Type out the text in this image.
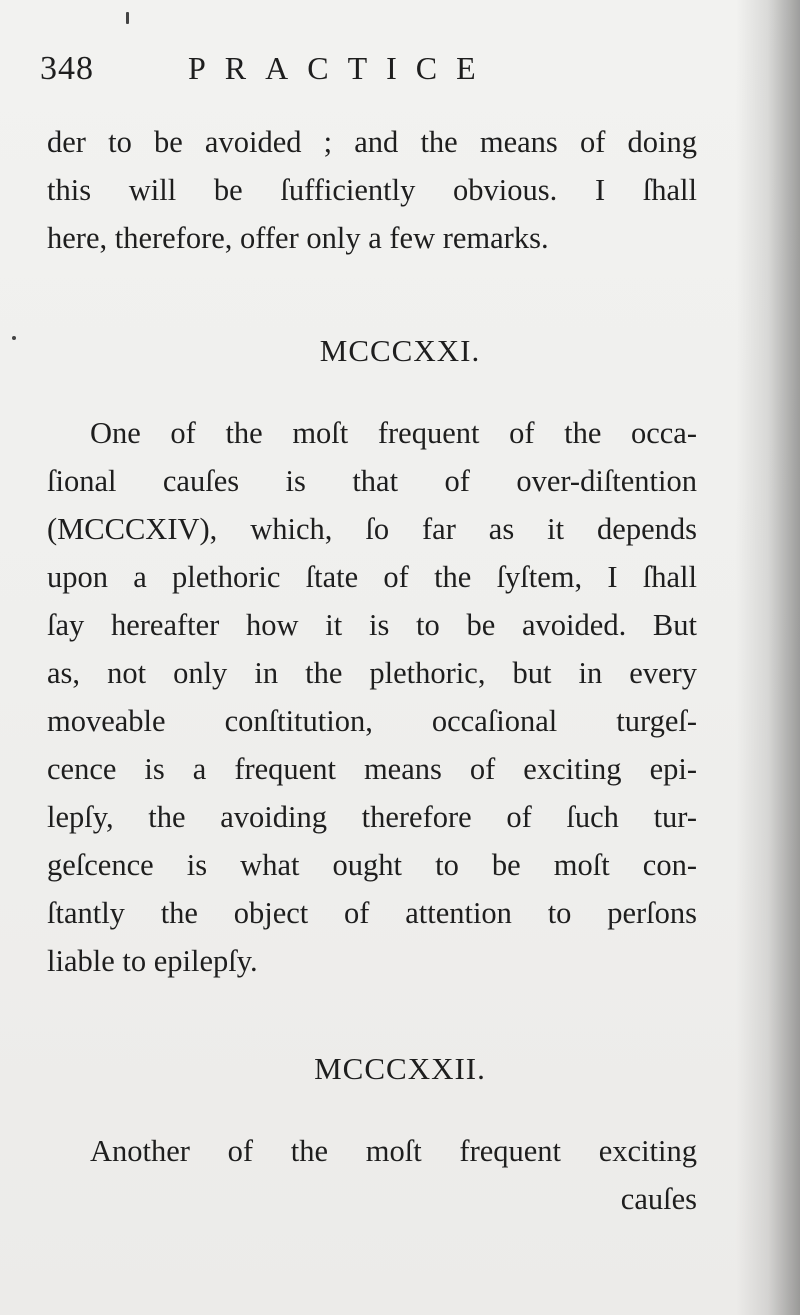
348	PRACTICE
der to be avoided ; and the means of doing
this will be ſufficiently obvious. I ſhall
here, therefore, offer only a few remarks.
MCCCXXI.
One of the moſt frequent of the occa-
ſional cauſes is that of over-diſtention
(MCCCXIV), which, ſo far as it depends
upon a plethoric ſtate of the ſyſtem, I ſhall
ſay hereafter how it is to be avoided. But
as, not only in the plethoric, but in every
moveable conſtitution, occaſional turgeſ-
cence is a frequent means of exciting epi-
lepſy, the avoiding therefore of ſuch tur-
geſcence is what ought to be moſt con-
ſtantly the object of attention to perſons
liable to epilepſy.
MCCCXXII.
Another of the moſt frequent exciting
cauſes
